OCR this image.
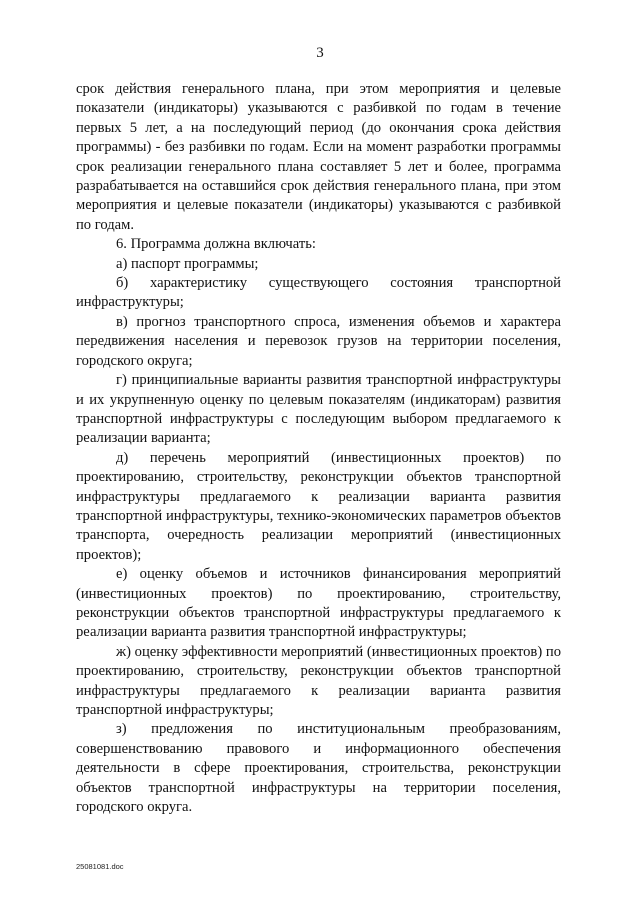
3

срок действия генерального плана, при этом мероприятия и целевые показатели (индикаторы) указываются с разбивкой по годам в течение первых 5 лет, а на последующий период (до окончания срока действия программы) - без разбивки по годам. Если на момент разработки программы срок реализации генерального плана составляет 5 лет и более, программа разрабатывается на оставшийся срок действия генерального плана, при этом мероприятия и целевые показатели (индикаторы) указываются с разбивкой по годам.

6. Программа должна включать:

а) паспорт программы;

б) характеристику существующего состояния транспортной инфраструктуры;

в) прогноз транспортного спроса, изменения объемов и характера передвижения населения и перевозок грузов на территории поселения, городского округа;

г) принципиальные варианты развития транспортной инфраструктуры и их укрупненную оценку по целевым показателям (индикаторам) развития транспортной инфраструктуры с последующим выбором предлагаемого к реализации варианта;

д) перечень мероприятий (инвестиционных проектов) по проектированию, строительству, реконструкции объектов транспортной инфраструктуры предлагаемого к реализации варианта развития транспортной инфраструктуры, технико-экономических параметров объектов транспорта, очередность реализации мероприятий (инвестиционных проектов);

е) оценку объемов и источников финансирования мероприятий (инвестиционных проектов) по проектированию, строительству, реконструкции объектов транспортной инфраструктуры предлагаемого к реализации варианта развития транспортной инфраструктуры;

ж) оценку эффективности мероприятий (инвестиционных проектов) по проектированию, строительству, реконструкции объектов транспортной инфраструктуры предлагаемого к реализации варианта развития транспортной инфраструктуры;

з) предложения по институциональным преобразованиям, совершенствованию правового и информационного обеспечения деятельности в сфере проектирования, строительства, реконструкции объектов транспортной инфраструктуры на территории поселения, городского округа.

25081081.doc
